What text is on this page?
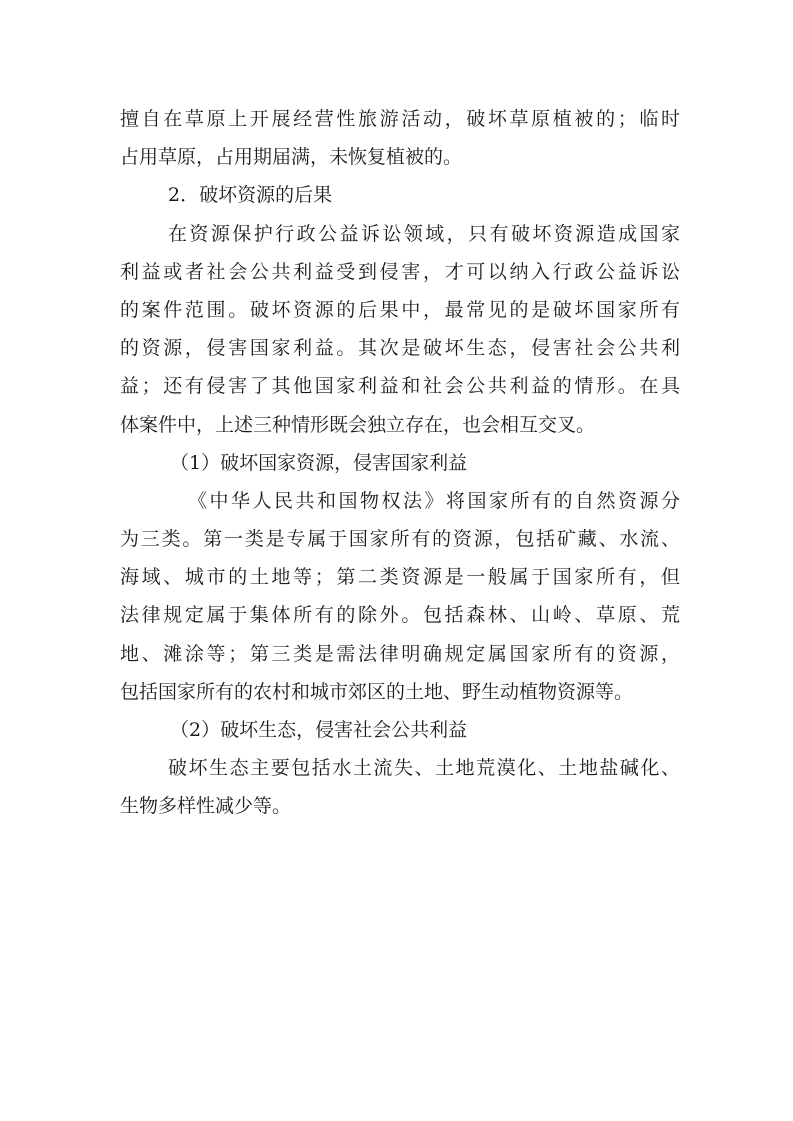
擅自在草原上开展经营性旅游活动，破坏草原植被的；临时
占用草原，占用期届满，未恢复植被的。
2．破坏资源的后果
在资源保护行政公益诉讼领域，只有破坏资源造成国家
利益或者社会公共利益受到侵害，才可以纳入行政公益诉讼
的案件范围。破坏资源的后果中，最常见的是破坏国家所有
的资源，侵害国家利益。其次是破坏生态，侵害社会公共利
益；还有侵害了其他国家利益和社会公共利益的情形。在具
体案件中，上述三种情形既会独立存在，也会相互交叉。
（1）破坏国家资源，侵害国家利益
《中华人民共和国物权法》将国家所有的自然资源分
为三类。第一类是专属于国家所有的资源，包括矿藏、水流、
海域、城市的土地等；第二类资源是一般属于国家所有，但
法律规定属于集体所有的除外。包括森林、山岭、草原、荒
地、滩涂等；第三类是需法律明确规定属国家所有的资源，
包括国家所有的农村和城市郊区的土地、野生动植物资源等。
（2）破坏生态，侵害社会公共利益
破坏生态主要包括水土流失、土地荒漠化、土地盐碱化、
生物多样性减少等。
